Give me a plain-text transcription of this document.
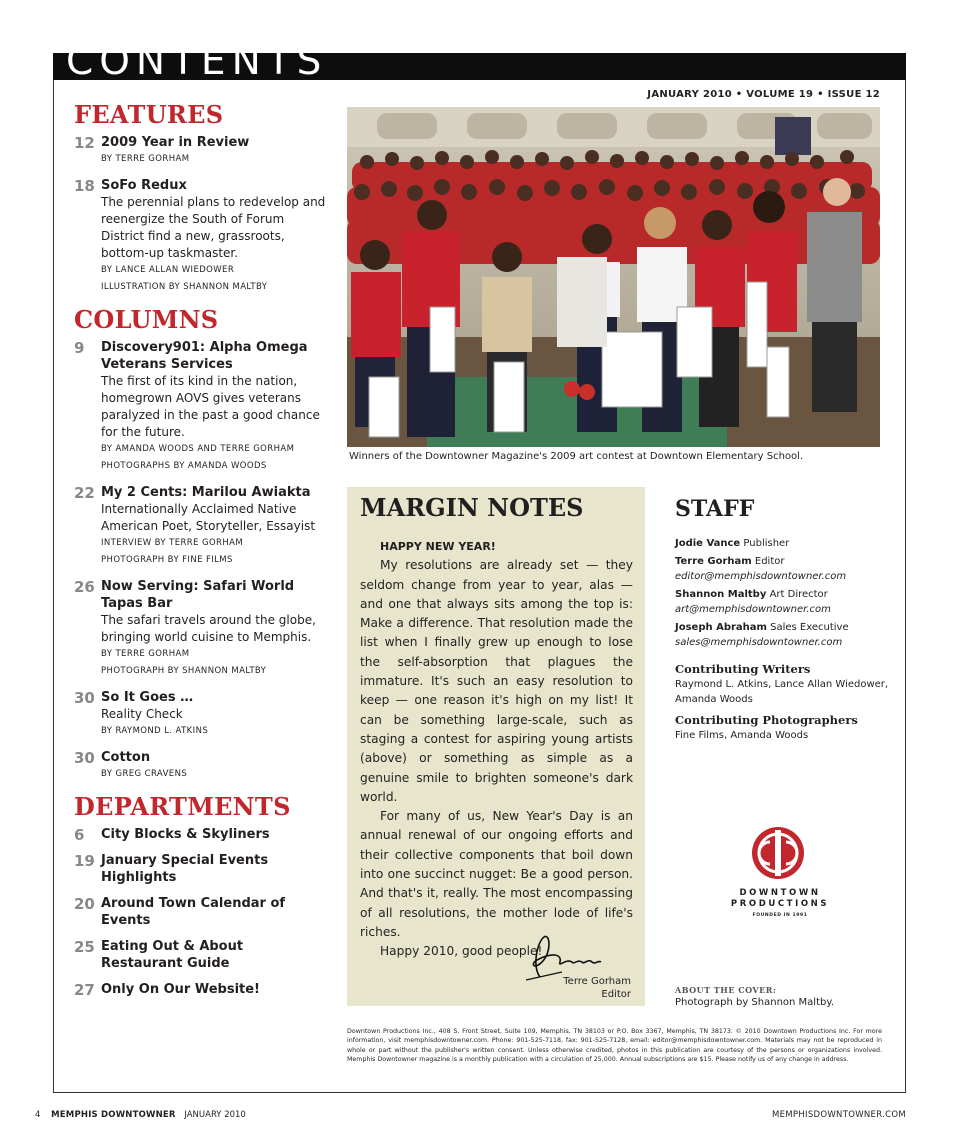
CONTENTS
JANUARY 2010 • VOLUME 19 • ISSUE 12
FEATURES
12 2009 Year in Review
BY TERRE GORHAM
18 SoFo Redux
The perennial plans to redevelop and reenergize the South of Forum District find a new, grassroots, bottom-up taskmaster.
BY LANCE ALLAN WIEDOWER
ILLUSTRATION BY SHANNON MALTBY
COLUMNS
9 Discovery901: Alpha Omega Veterans Services
The first of its kind in the nation, homegrown AOVS gives veterans paralyzed in the past a good chance for the future.
BY AMANDA WOODS AND TERRE GORHAM
PHOTOGRAPHS BY AMANDA WOODS
22 My 2 Cents: Marilou Awiakta
Internationally Acclaimed Native American Poet, Storyteller, Essayist
INTERVIEW BY TERRE GORHAM
PHOTOGRAPH BY FINE FILMS
26 Now Serving: Safari World Tapas Bar
The safari travels around the globe, bringing world cuisine to Memphis.
BY TERRE GORHAM
PHOTOGRAPH BY SHANNON MALTBY
30 So It Goes …
Reality Check
BY RAYMOND L. ATKINS
30 Cotton
BY GREG CRAVENS
DEPARTMENTS
6 City Blocks & Skyliners
19 January Special Events Highlights
20 Around Town Calendar of Events
25 Eating Out & About Restaurant Guide
27 Only On Our Website!
Winners of the Downtowner Magazine's 2009 art contest at Downtown Elementary School.
MARGIN NOTES

HAPPY NEW YEAR!

My resolutions are already set — they seldom change from year to year, alas — and one that always sits among the top is: Make a difference. That resolution made the list when I finally grew up enough to lose the self-absorption that plagues the immature. It's such an easy resolution to keep — one reason it's high on my list! It can be something large-scale, such as staging a contest for aspiring young artists (above) or something as simple as a genuine smile to brighten someone's dark world.

For many of us, New Year's Day is an annual renewal of our ongoing efforts and their collective components that boil down into one succinct nugget: Be a good person. And that's it, really. The most encompassing of all resolutions, the mother lode of life's riches.

Happy 2010, good people!

Terre Gorham
Editor
STAFF
Jodie Vance Publisher
Terre Gorham Editor
editor@memphisdowntowner.com
Shannon Maltby Art Director
art@memphisdowntowner.com
Joseph Abraham Sales Executive
sales@memphisdowntowner.com
Contributing Writers
Raymond L. Atkins, Lance Allan Wiedower, Amanda Woods
Contributing Photographers
Fine Films, Amanda Woods
DOWNTOWN
PRODUCTIONS
FOUNDED IN 1991
ABOUT THE COVER:
Photograph by Shannon Maltby.
Downtown Productions Inc., 408 S. Front Street, Suite 109, Memphis, TN 38103 or P.O. Box 3367, Memphis, TN 38173. © 2010 Downtown Productions Inc. For more information, visit memphisdowntowner.com. Phone: 901-525-7118, fax: 901-525-7128, email: editor@memphisdowntowner.com. Materials may not be reproduced in whole or part without the publisher's written consent. Unless otherwise credited, photos in this publication are courtesy of the persons or organizations involved. Memphis Downtowner magazine is a monthly publication with a circulation of 25,000. Annual subscriptions are $15. Please notify us of any change in address.
4 MEMPHIS DOWNTOWNER JANUARY 2010	MEMPHISDOWNTOWNER.COM
